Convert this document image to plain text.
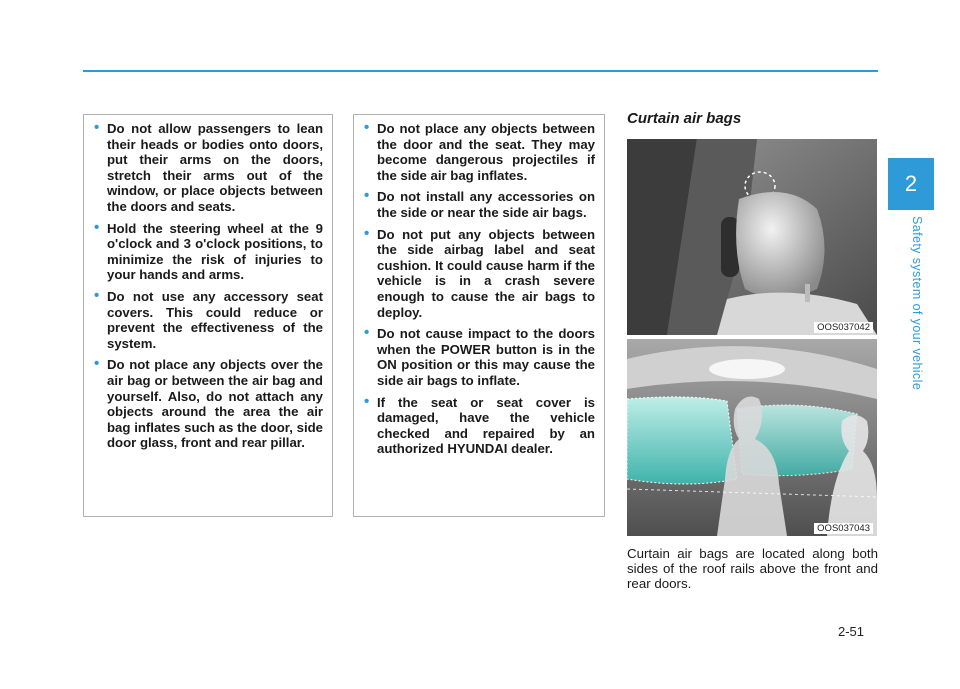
2
Safety system of your vehicle
• Do not allow passengers to lean their heads or bodies onto doors, put their arms on the doors, stretch their arms out of the window, or place objects between the doors and seats.
• Hold the steering wheel at the 9 o'clock and 3 o'clock positions, to minimize the risk of injuries to your hands and arms.
• Do not use any accessory seat covers. This could reduce or prevent the effectiveness of the system.
• Do not place any objects over the air bag or between the air bag and yourself. Also, do not attach any objects around the area the air bag inflates such as the door, side door glass, front and rear pillar.
• Do not place any objects between the door and the seat. They may become dangerous projectiles if the side air bag inflates.
• Do not install any accessories on the side or near the side air bags.
• Do not put any objects between the side airbag label and seat cushion. It could cause harm if the vehicle is in a crash severe enough to cause the air bags to deploy.
• Do not cause impact to the doors when the POWER button is in the ON position or this may cause the side air bags to inflate.
• If the seat or seat cover is damaged, have the vehicle checked and repaired by an authorized HYUNDAI dealer.
Curtain air bags
OOS037042
OOS037043
Curtain air bags are located along both sides of the roof rails above the front and rear doors.
2-51
